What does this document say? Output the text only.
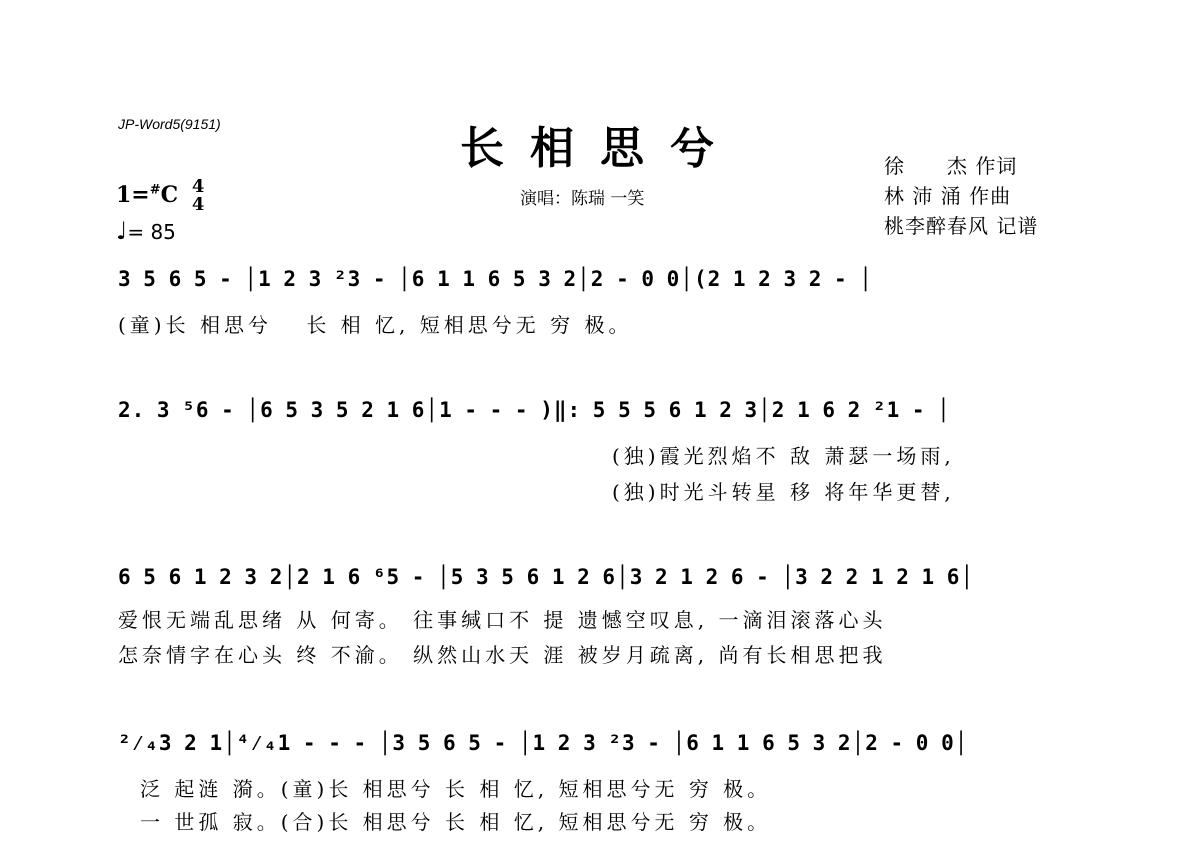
JP-Word5(9151)	长相思兮
演唱：陈瑞 一笑
徐　　杰 作词
林 沛 涌 作曲
桃李醉春风 记谱
1=#C 4
4
♩= 85
3 5 6 5 - │1 2 3 ²3 - │6 1 1 6 5 3 2│2 - 0 0│(2 1 2 3 2 - │
(童)长 相思兮　 长 相 忆, 短相思兮无 穷 极。
2. 3 ⁵6 - │6 5 3 5 2 1 6│1 - - - )‖: 5 5 5 6 1 2 3│2 1 6 2 ²1 - │
(独)霞光烈焰不 敌 萧瑟一场雨,
(独)时光斗转星 移 将年华更替,
6 5 6 1 2 3 2│2 1 6 ⁶5 - │5 3 5 6 1 2 6│3 2 1 2 6 - │3 2 2 1 2 1 6│
爱恨无端乱思绪 从 何寄。 往事缄口不 提 遗憾空叹息, 一滴泪滚落心头
怎奈情字在心头 终 不渝。 纵然山水天 涯 被岁月疏离, 尚有长相思把我
²⁄₄3 2 1│⁴⁄₄1 - - - │3 5 6 5 - │1 2 3 ²3 - │6 1 1 6 5 3 2│2 - 0 0│
泛 起涟 漪。(童)长 相思兮 长 相 忆, 短相思兮无 穷 极。
一 世孤 寂。(合)长 相思兮 长 相 忆, 短相思兮无 穷 极。
